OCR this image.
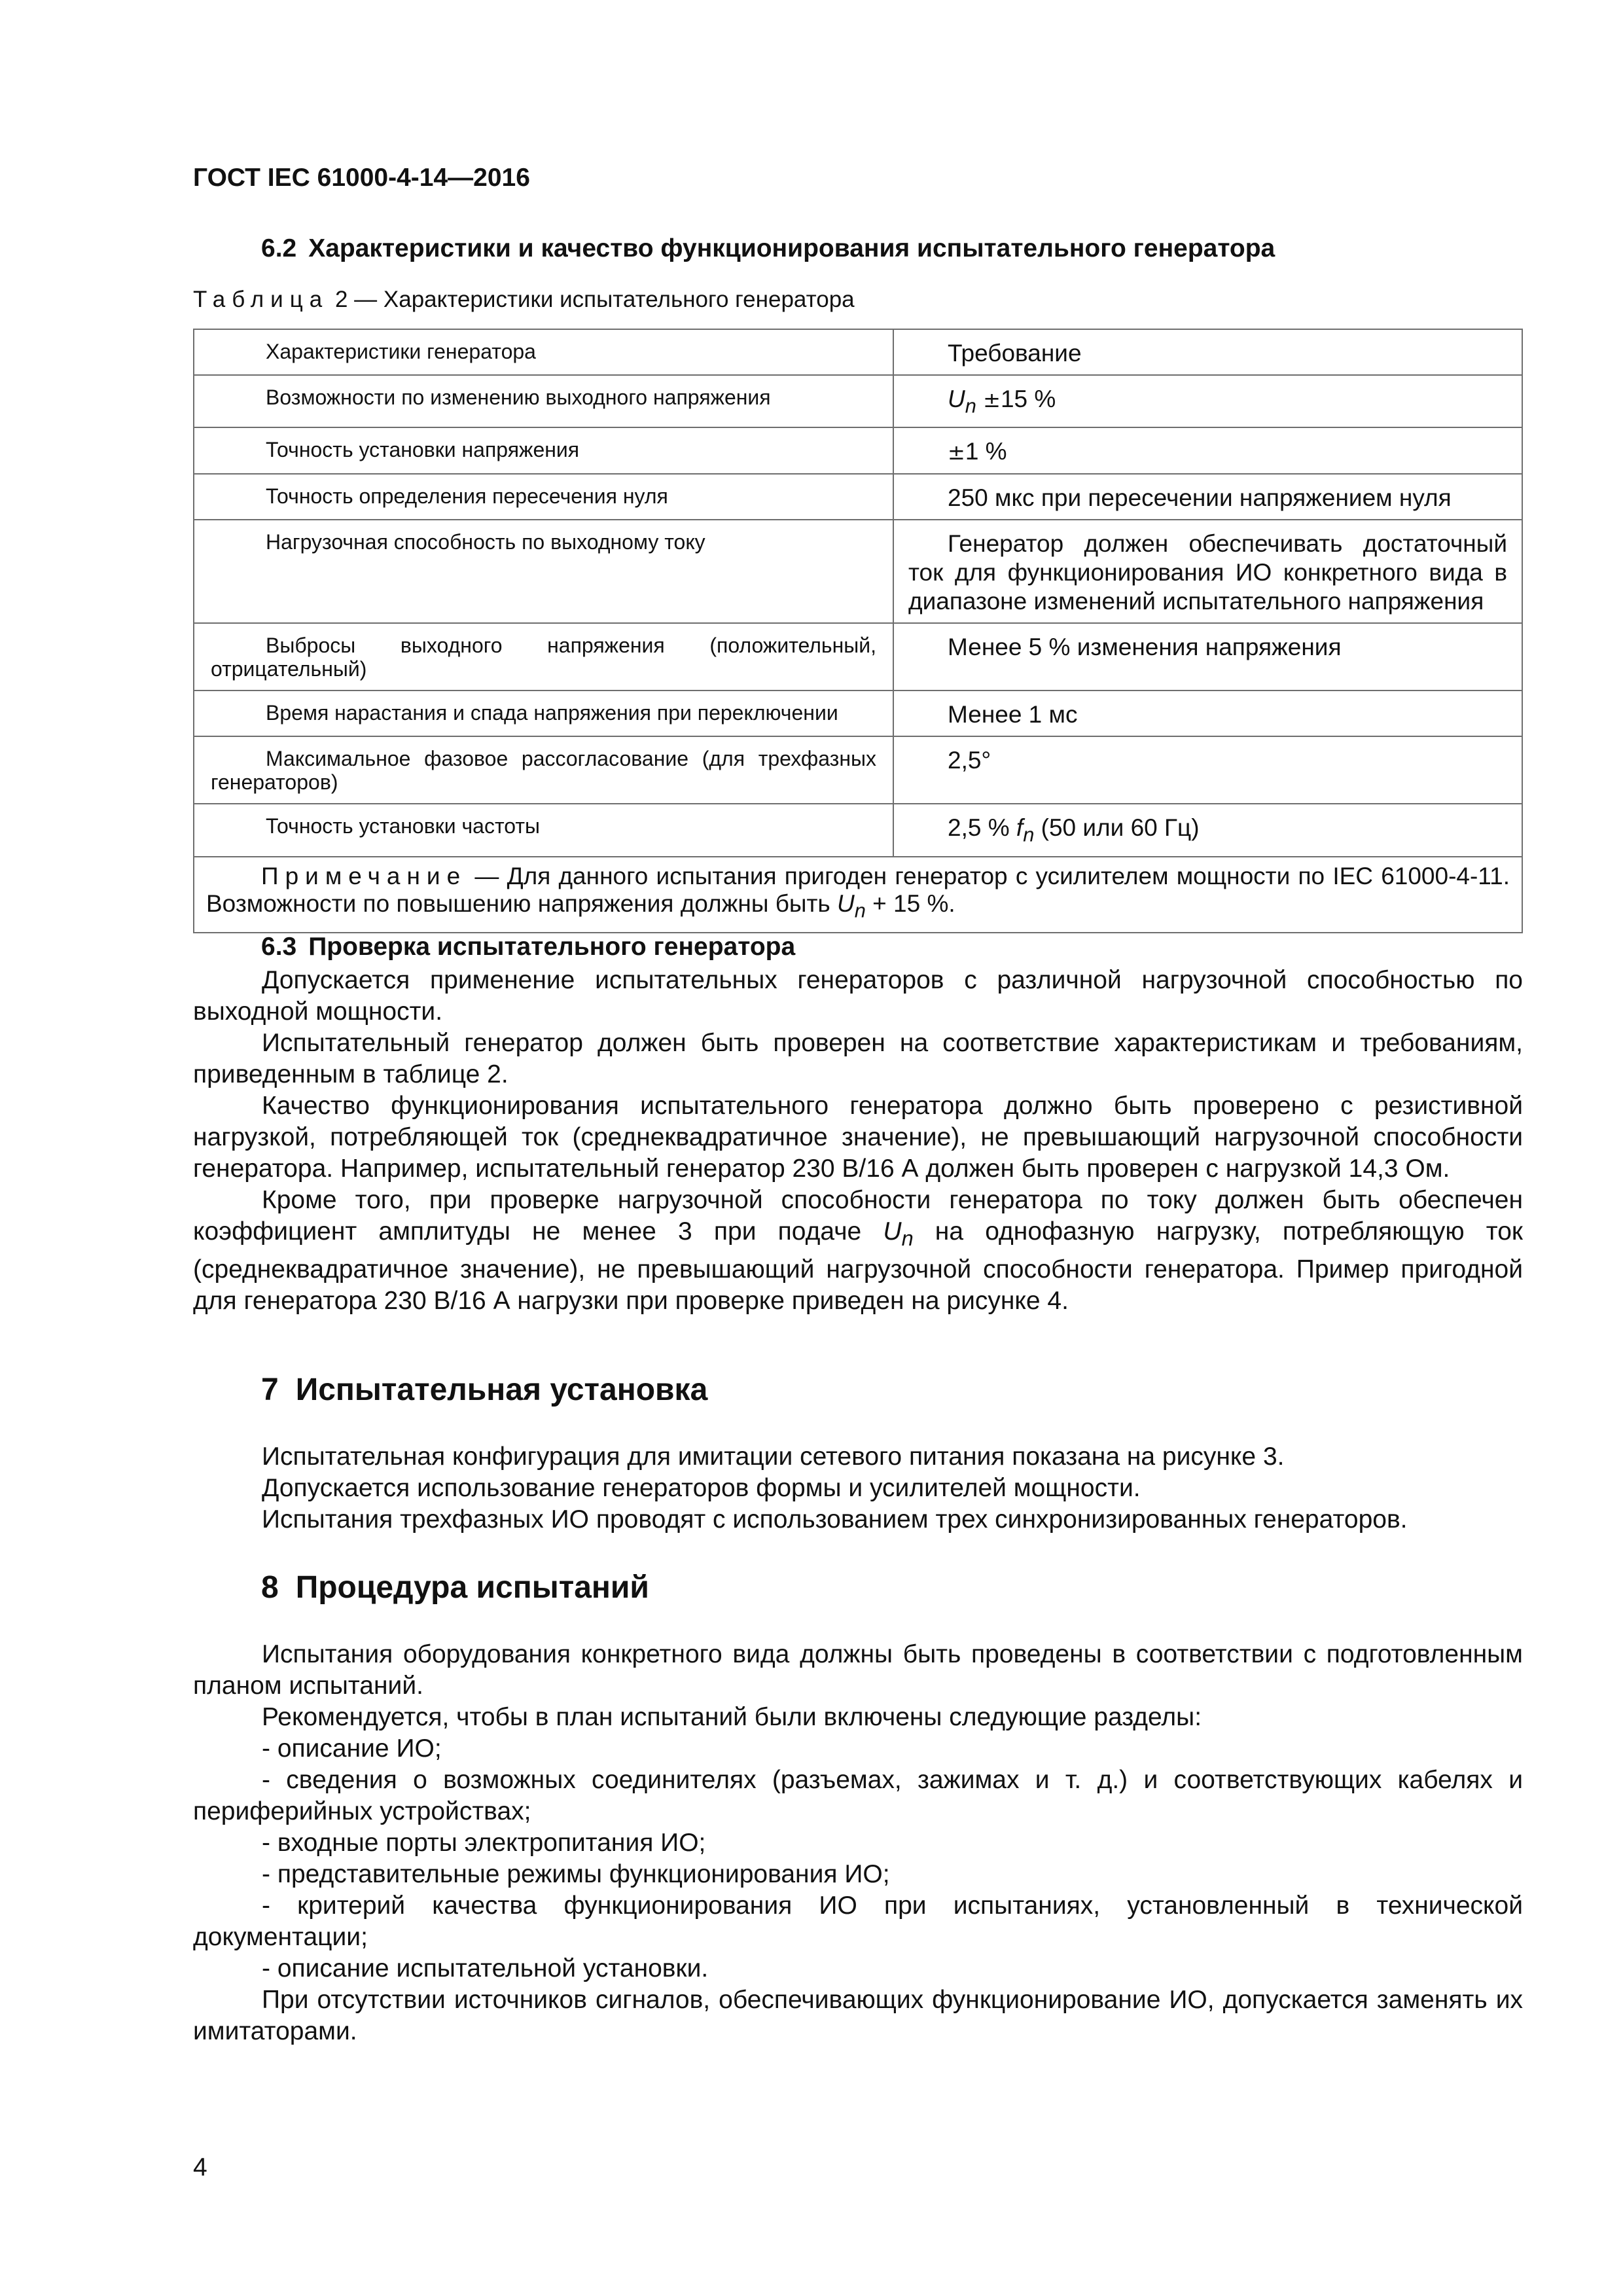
ГОСТ IEC 61000-4-14—2016
6.2 Характеристики и качество функционирования испытательного генератора
Таблица 2 — Характеристики испытательного генератора
Характеристики генератора	Требование

Возможности по изменению выходного напряжения	$U_n \pm 15$ %

Точность установки напряжения	±1 %

Точность определения пересечения нуля	250 мкс при пересечении напряжением нуля

Нагрузочная способность по выходному току	Генератор должен обеспечивать достаточный ток для функционирования ИО конкретного вида в диапазоне изменений испытательного напряжения

Выбросы выходного напряжения (положительный, отрицательный)	Менее 5 % изменения напряжения

Время нарастания и спада напряжения при переключении	Менее 1 мс

Максимальное фазовое рассогласование (для трехфазных генераторов)	2,5°

Точность установки частоты	2,5 % $f_n$ (50 или 60 Гц)

Примечание — Для данного испытания пригоден генератор с усилителем мощности по IEC 61000-4-11. Возможности по повышению напряжения должны быть $U_n + 15$ %.	
6.3 Проверка испытательного генератора

Допускается применение испытательных генераторов с различной нагрузочной способностью по выходной мощности.

Испытательный генератор должен быть проверен на соответствие характеристикам и требованиям, приведенным в таблице 2.

Качество функционирования испытательного генератора должно быть проверено с резистивной нагрузкой, потребляющей ток (среднеквадратичное значение), не превышающий нагрузочной способности генератора. Например, испытательный генератор 230 В/16 А должен быть проверен с нагрузкой 14,3 Ом.

Кроме того, при проверке нагрузочной способности генератора по току должен быть обеспечен коэффициент амплитуды не менее 3 при подаче $U_n$ на однофазную нагрузку, потребляющую ток (среднеквадратичное значение), не превышающий нагрузочной способности генератора. Пример пригодной для генератора 230 В/16 А нагрузки при проверке приведен на рисунке 4.

7 Испытательная установка

Испытательная конфигурация для имитации сетевого питания показана на рисунке 3.

Допускается использование генераторов формы и усилителей мощности.

Испытания трехфазных ИО проводят с использованием трех синхронизированных генераторов.

8 Процедура испытаний

Испытания оборудования конкретного вида должны быть проведены в соответствии с подготовленным планом испытаний.

Рекомендуется, чтобы в план испытаний были включены следующие разделы:

- описание ИО;

- сведения о возможных соединителях (разъемах, зажимах и т. д.) и соответствующих кабелях и периферийных устройствах;

- входные порты электропитания ИО;

- представительные режимы функционирования ИО;

- критерий качества функционирования ИО при испытаниях, установленный в технической документации;

- описание испытательной установки.

При отсутствии источников сигналов, обеспечивающих функционирование ИО, допускается заменять их имитаторами.

4
